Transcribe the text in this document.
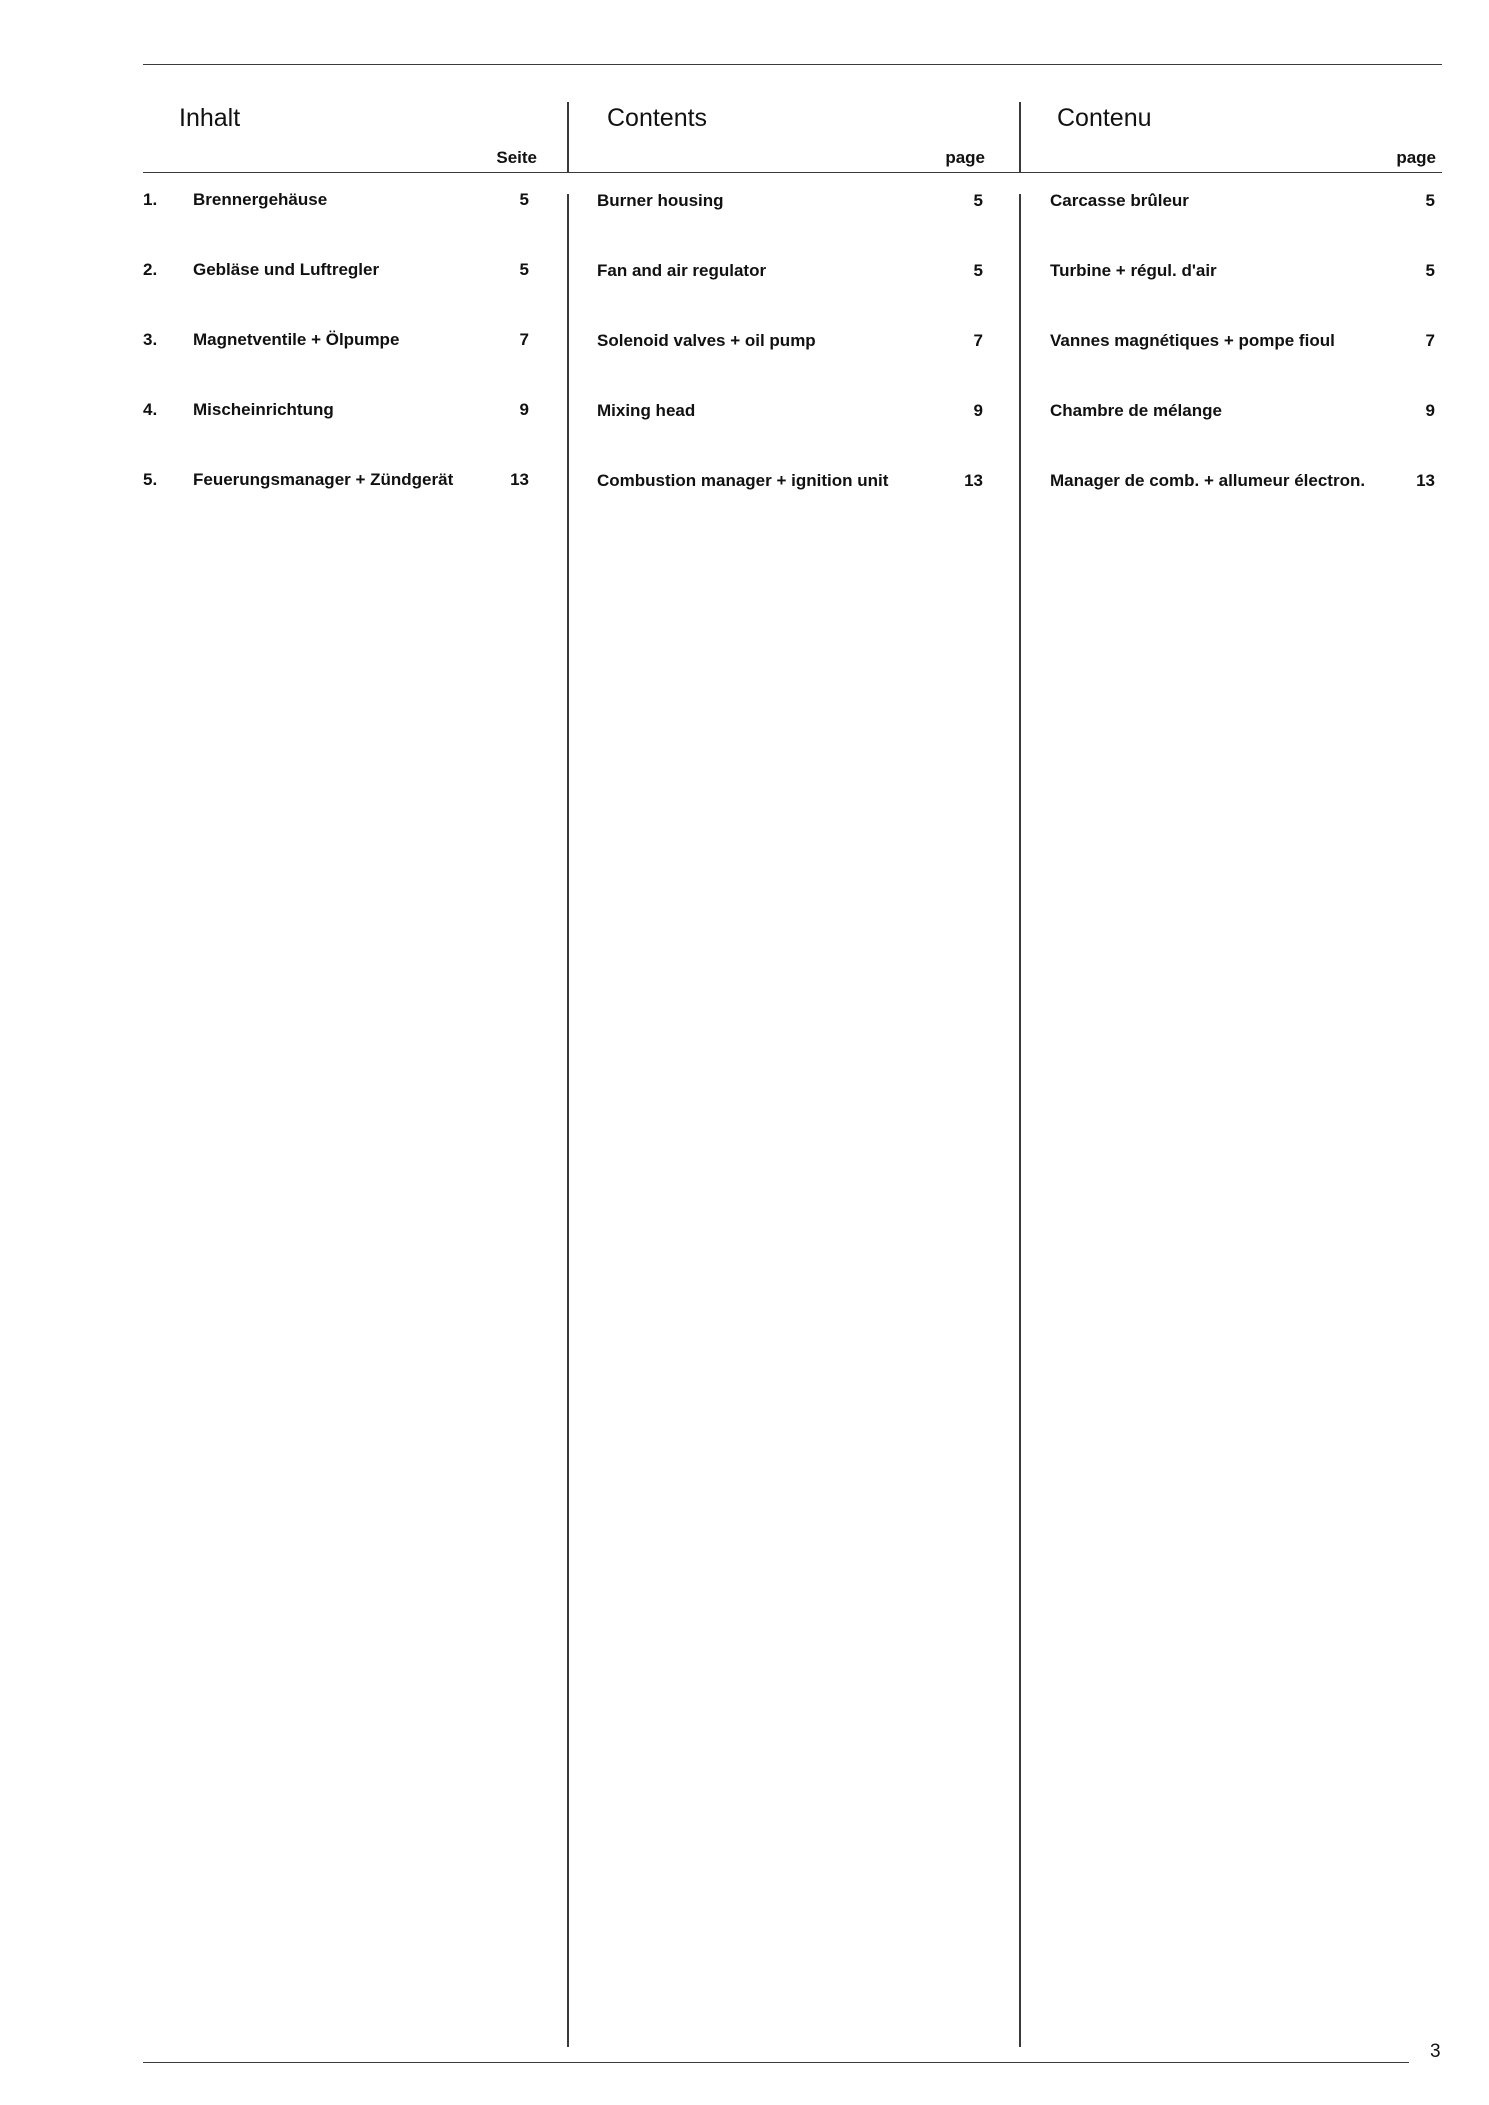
Inhalt
Seite
1. Brennergehäuse	5
2. Gebläse und Luftregler	5
3. Magnetventile + Ölpumpe	7
4. Mischeinrichtung	9
5. Feuerungsmanager + Zündgerät	13
Contents
page
Burner housing	5
Fan and air regulator	5
Solenoid valves + oil pump	7
Mixing head	9
Combustion manager + ignition unit	13
Contenu
page
Carcasse brûleur	5
Turbine + régul. d'air	5
Vannes magnétiques + pompe fioul	7
Chambre de mélange	9
Manager de comb. + allumeur électron.	13
3
